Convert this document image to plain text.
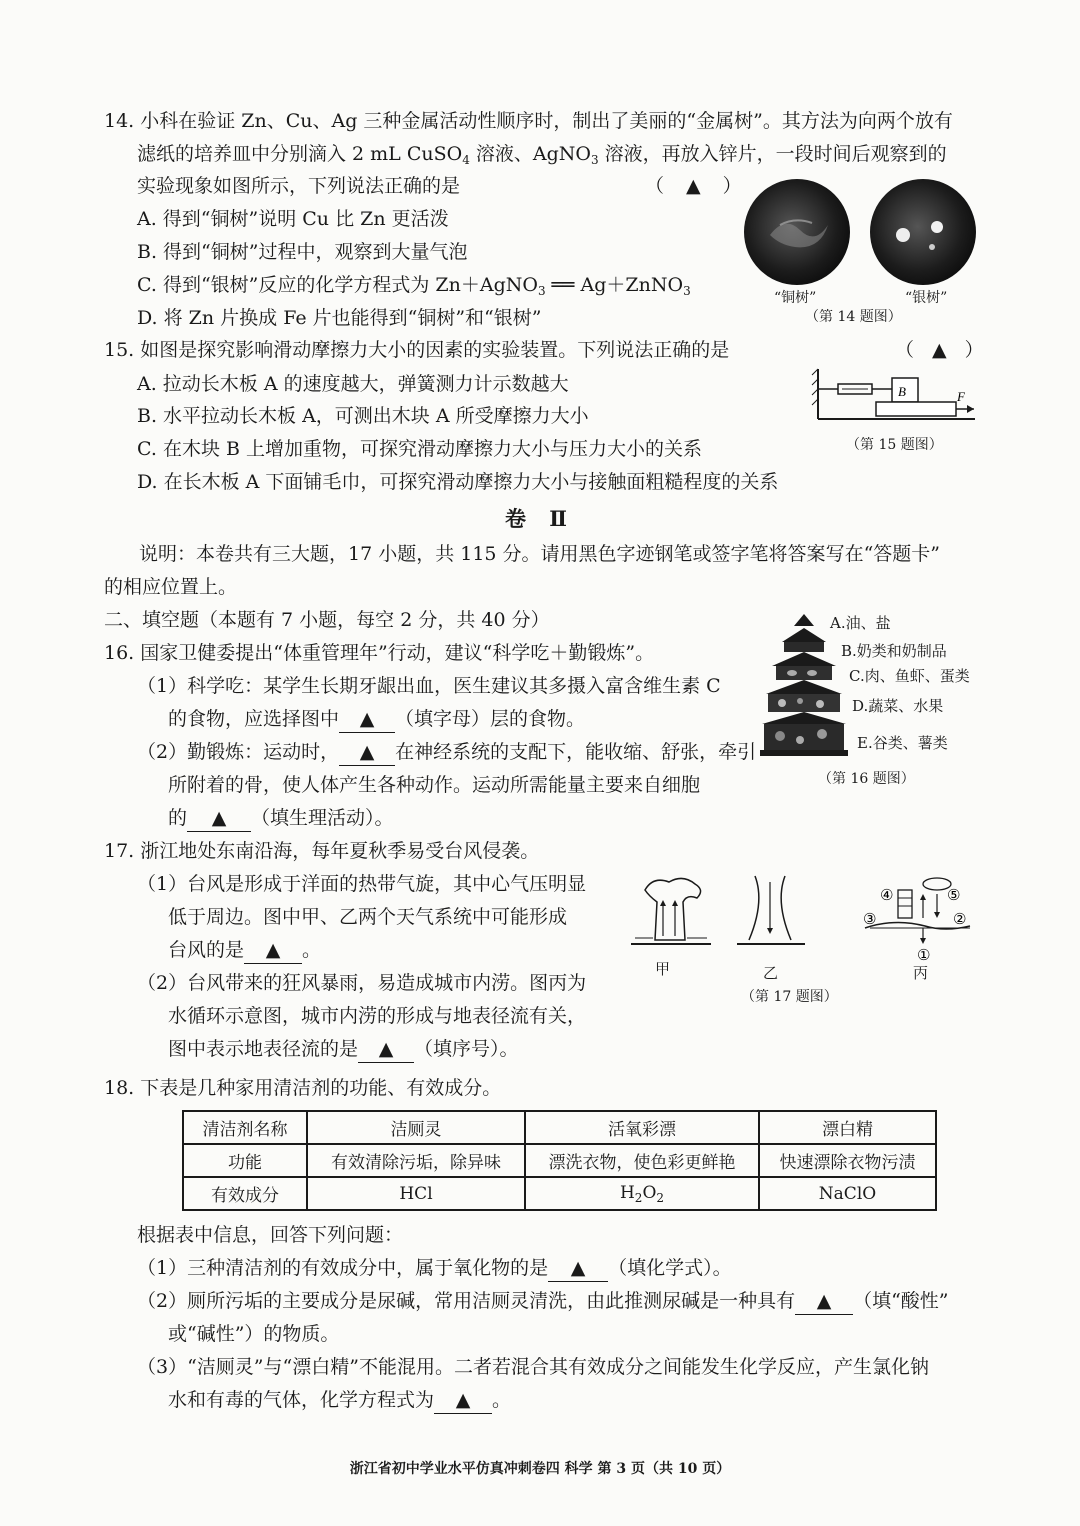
14. 小科在验证 Zn、Cu、Ag 三种金属活动性顺序时，制出了美丽的“金属树”。其方法为向两个放有
滤纸的培养皿中分别滴入 2 mL CuSO$_4$ 溶液、AgNO$_3$ 溶液，再放入锌片，一段时间后观察到的
实验现象如图所示，下列说法正确的是	（ ▲ ）
A. 得到“铜树”说明 Cu 比 Zn 更活泼
B. 得到“铜树”过程中，观察到大量气泡
C. 得到“银树”反应的化学方程式为 Zn＋AgNO$_3$ ══ Ag＋ZnNO$_3$
D. 将 Zn 片换成 Fe 片也能得到“铜树”和“银树”
“铜树”	“银树”
（第 14 题图）
15. 如图是探究影响滑动摩擦力大小的因素的实验装置。下列说法正确的是	（ ▲ ）
A. 拉动长木板 A 的速度越大，弹簧测力计示数越大
B. 水平拉动长木板 A，可测出木块 A 所受摩擦力大小
C. 在木块 B 上增加重物，可探究滑动摩擦力大小与压力大小的关系
D. 在长木板 A 下面铺毛巾，可探究滑动摩擦力大小与接触面粗糙程度的关系
B	F
（第 15 题图）
卷 Ⅱ
说明：本卷共有三大题，17 小题，共 115 分。请用黑色字迹钢笔或签字笔将答案写在“答题卡”
的相应位置上。
二、填空题（本题有 7 小题，每空 2 分，共 40 分）
16. 国家卫健委提出“体重管理年”行动，建议“科学吃＋勤锻炼”。
（1）科学吃：某学生长期牙龈出血，医生建议其多摄入富含维生素 C
的食物，应选择图中 ▲ （填字母）层的食物。
（2）勤锻炼：运动时， ▲ 在神经系统的支配下，能收缩、舒张，牵引
所附着的骨，使人体产生各种动作。运动所需能量主要来自细胞
的 ▲ （填生理活动）。
A.油、盐
B.奶类和奶制品
C.肉、鱼虾、蛋类
D.蔬菜、水果
E.谷类、薯类
（第 16 题图）
17. 浙江地处东南沿海，每年夏秋季易受台风侵袭。
（1）台风是形成于洋面的热带气旋，其中心气压明显
低于周边。图中甲、乙两个天气系统中可能形成
台风的是 ▲ 。
（2）台风带来的狂风暴雨，易造成城市内涝。图丙为
水循环示意图，城市内涝的形成与地表径流有关，
图中表示地表径流的是 ▲ （填序号）。
④	⑤
③	②
①
甲	乙	丙
（第 17 题图）
18. 下表是几种家用清洁剂的功能、有效成分。
清洁剂名称	洁厕灵	活氧彩漂	漂白精
功能	有效清除污垢，除异味	漂洗衣物，使色彩更鲜艳	快速漂除衣物污渍
有效成分	HCl	$H_2O_2$	NaClO
根据表中信息，回答下列问题：
（1）三种清洁剂的有效成分中，属于氧化物的是 ▲ （填化学式）。
（2）厕所污垢的主要成分是尿碱，常用洁厕灵清洗，由此推测尿碱是一种具有 ▲ （填“酸性”
或“碱性”）的物质。
（3）“洁厕灵”与“漂白精”不能混用。二者若混合其有效成分之间能发生化学反应，产生氯化钠
水和有毒的气体，化学方程式为 ▲ 。
浙江省初中学业水平仿真冲刺卷四 科学 第 3 页（共 10 页）
